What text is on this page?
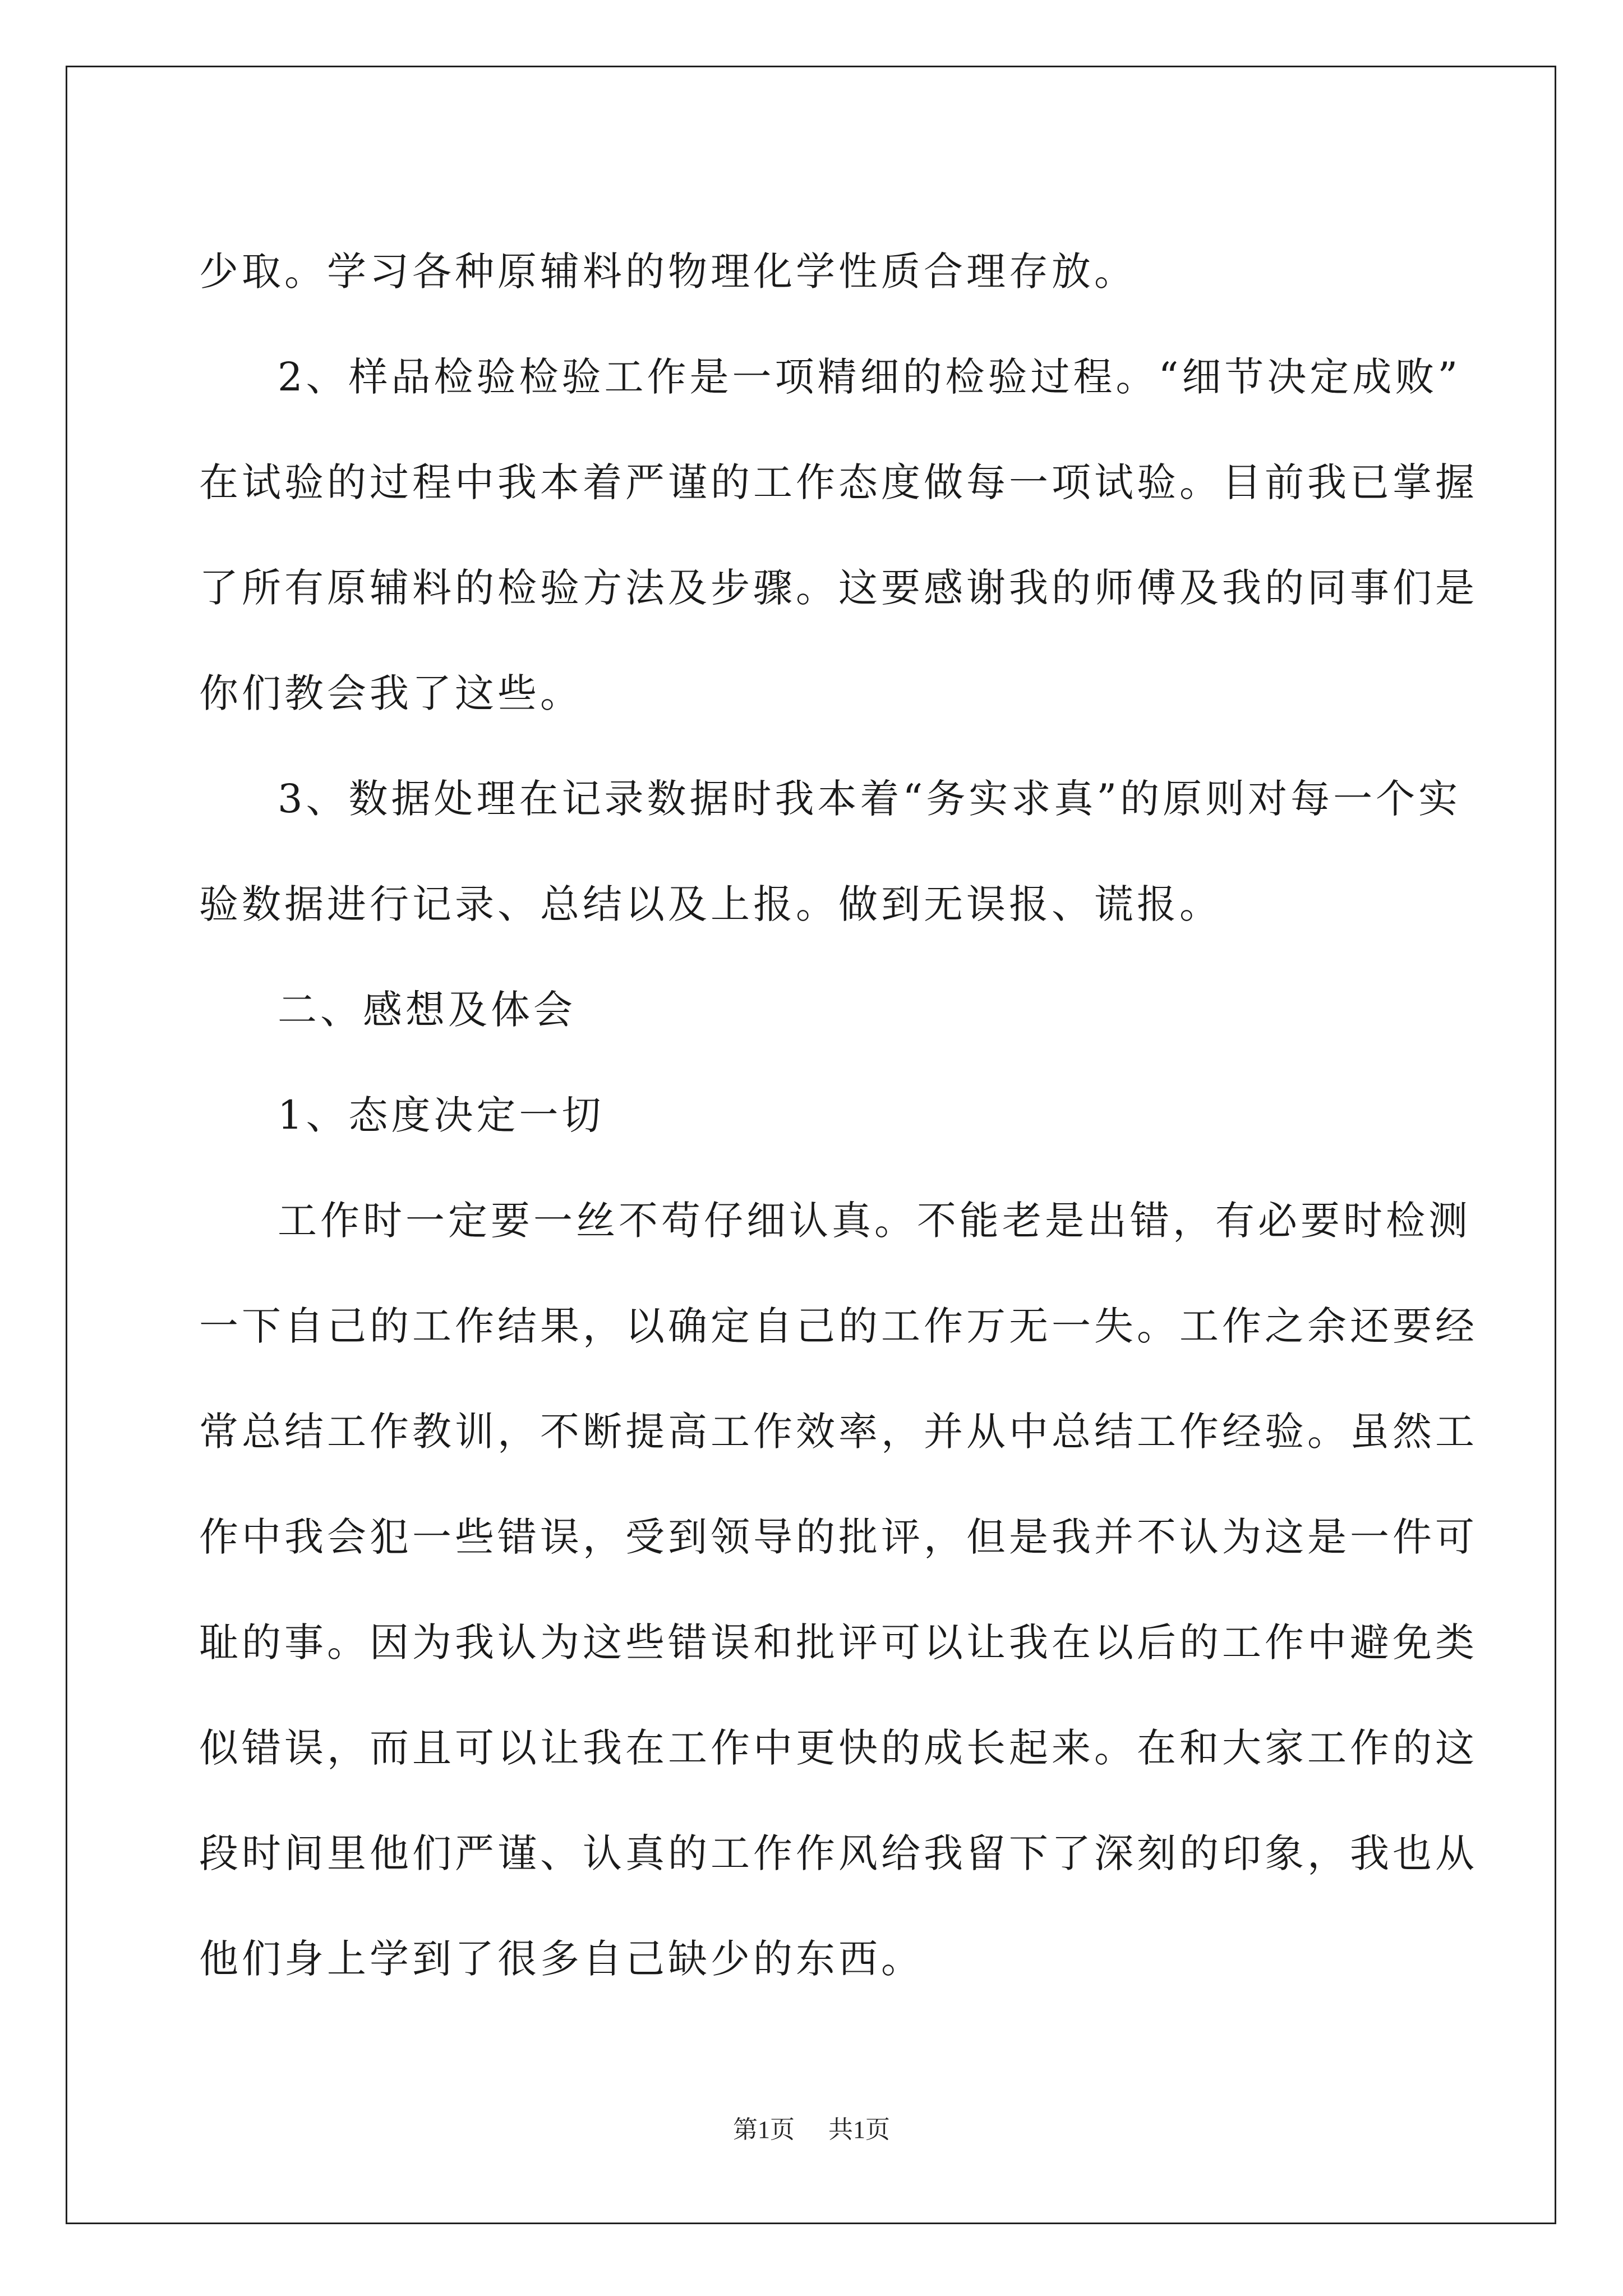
少取。学习各种原辅料的物理化学性质合理存放。
2、样品检验检验工作是一项精细的检验过程。“细节决定成败”
在试验的过程中我本着严谨的工作态度做每一项试验。目前我已掌握
了所有原辅料的检验方法及步骤。这要感谢我的师傅及我的同事们是
你们教会我了这些。
3、数据处理在记录数据时我本着“务实求真”的原则对每一个实
验数据进行记录、总结以及上报。做到无误报、谎报。
二、感想及体会
1、态度决定一切
工作时一定要一丝不苟仔细认真。不能老是出错，有必要时检测
一下自己的工作结果，以确定自己的工作万无一失。工作之余还要经
常总结工作教训，不断提高工作效率，并从中总结工作经验。虽然工
作中我会犯一些错误，受到领导的批评，但是我并不认为这是一件可
耻的事。因为我认为这些错误和批评可以让我在以后的工作中避免类
似错误，而且可以让我在工作中更快的成长起来。在和大家工作的这
段时间里他们严谨、认真的工作作风给我留下了深刻的印象，我也从
他们身上学到了很多自己缺少的东西。
第1页 共1页
